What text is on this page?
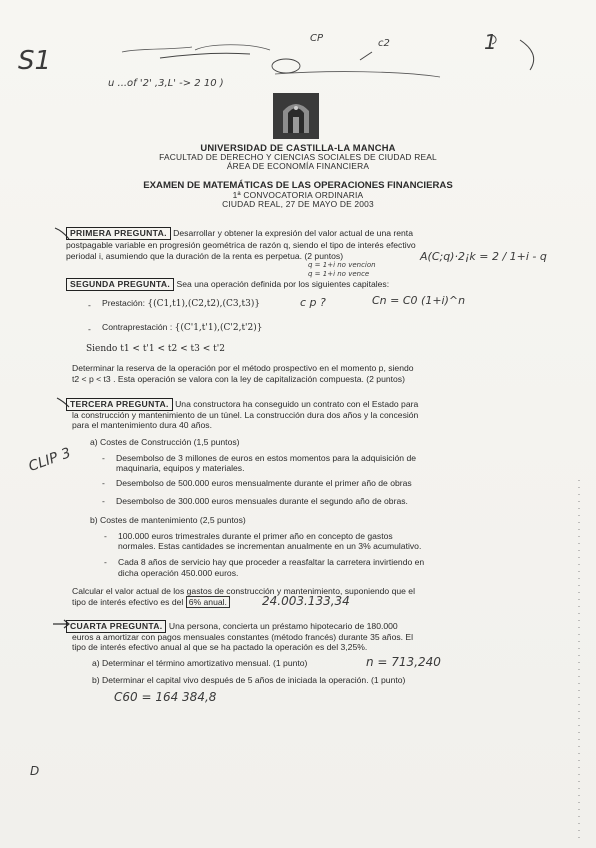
S1
u ...of '2' ,3,L' -> 2 10 )
CP	c2	1
UNIVERSIDAD DE CASTILLA-LA MANCHA
FACULTAD DE DERECHO Y CIENCIAS SOCIALES DE CIUDAD REAL
ÁREA DE ECONOMÍA FINANCIERA
EXAMEN DE MATEMÁTICAS DE LAS OPERACIONES FINANCIERAS
1ª CONVOCATORIA ORDINARIA
CIUDAD REAL, 27 DE MAYO DE 2003
PRIMERA PREGUNTA. Desarrollar y obtener la expresión del valor actual de una renta postpagable variable en progresión geométrica de razón q, siendo el tipo de interés efectivo periodal i, asumiendo que la duración de la renta es perpetua. (2 puntos)	A(C;q)·2¡k = 2 / 1+i - q
q = 1+i no vencion
q = 1+i no vence
SEGUNDA PREGUNTA. Sea una operación definida por los siguientes capitales:
- Prestación: {(C1,t1),(C2,t2),(C3,t3)}	c p ?	Cn = C0 (1+i)^n
- Contraprestación : {(C'1,t'1),(C'2,t'2)}
Siendo t1 < t'1 < t2 < t3 < t'2
Determinar la reserva de la operación por el método prospectivo en el momento p, siendo
t2 < p < t3 . Esta operación se valora con la ley de capitalización compuesta. (2 puntos)
TERCERA PREGUNTA. Una constructora ha conseguido un contrato con el Estado para
la construcción y mantenimiento de un túnel. La construcción dura dos años y la concesión
para el mantenimiento dura 40 años.
a) Costes de Construcción (1,5 puntos)
- Desembolso de 3 millones de euros en estos momentos para la adquisición de
maquinaria, equipos y materiales.
- Desembolso de 500.000 euros mensualmente durante el primer año de obras
- Desembolso de 300.000 euros mensuales durante el segundo año de obras.
b) Costes de mantenimiento (2,5 puntos)
- 100.000 euros trimestrales durante el primer año en concepto de gastos
normales. Estas cantidades se incrementan anualmente en un 3% acumulativo.
- Cada 8 años de servicio hay que proceder a reasfaltar la carretera invirtiendo en
dicha operación 450.000 euros.
Calcular el valor actual de los gastos de construcción y mantenimiento, suponiendo que el
tipo de interés efectivo es del 6% anual.	24.003.133,34
CLIP 3
CUARTA PREGUNTA. Una persona, concierta un préstamo hipotecario de 180.000
euros a amortizar con pagos mensuales constantes (método francés) durante 35 años. El
tipo de interés efectivo anual al que se ha pactado la operación es del 3,25%.
a) Determinar el término amortizativo mensual. (1 punto)	n = 713,240
b) Determinar el capital vivo después de 5 años de iniciada la operación. (1 punto)
C60 = 164 384,8
D
